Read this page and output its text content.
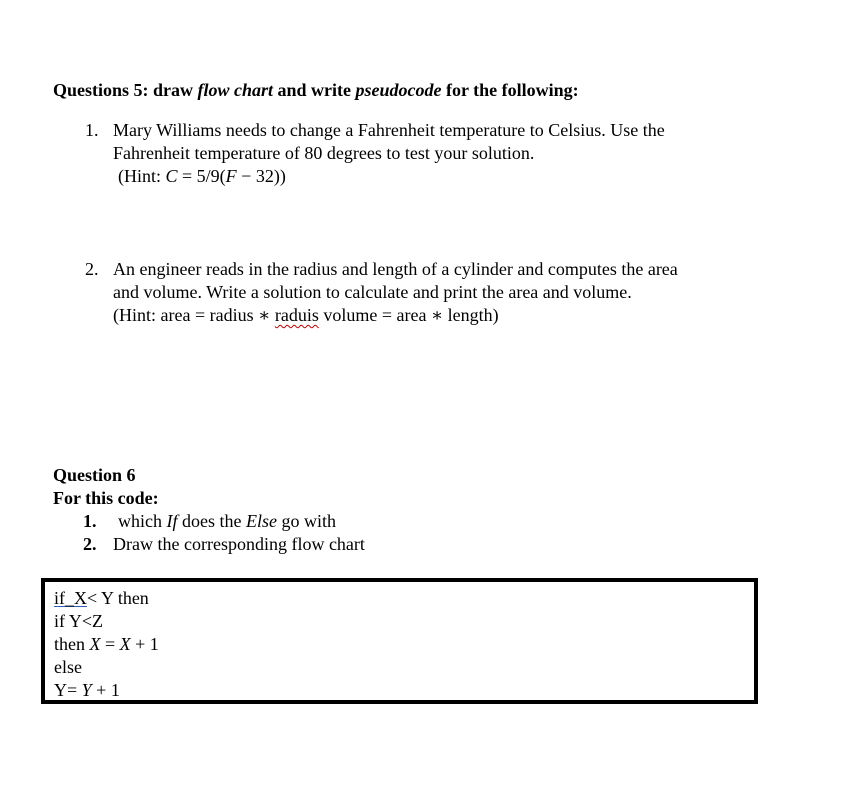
Questions 5: draw flow chart and write pseudocode for the following:
1. Mary Williams needs to change a Fahrenheit temperature to Celsius. Use the
Fahrenheit temperature of 80 degrees to test your solution.
(Hint: C = 5/9(F − 32))
2. An engineer reads in the radius and length of a cylinder and computes the area
and volume. Write a solution to calculate and print the area and volume.
(Hint: area = radius ∗ raduis volume = area ∗ length)
Question 6
For this code:
1. which If does the Else go with
2. Draw the corresponding flow chart
if_X< Y then
if Y<Z
then X = X + 1
else
Y= Y + 1
